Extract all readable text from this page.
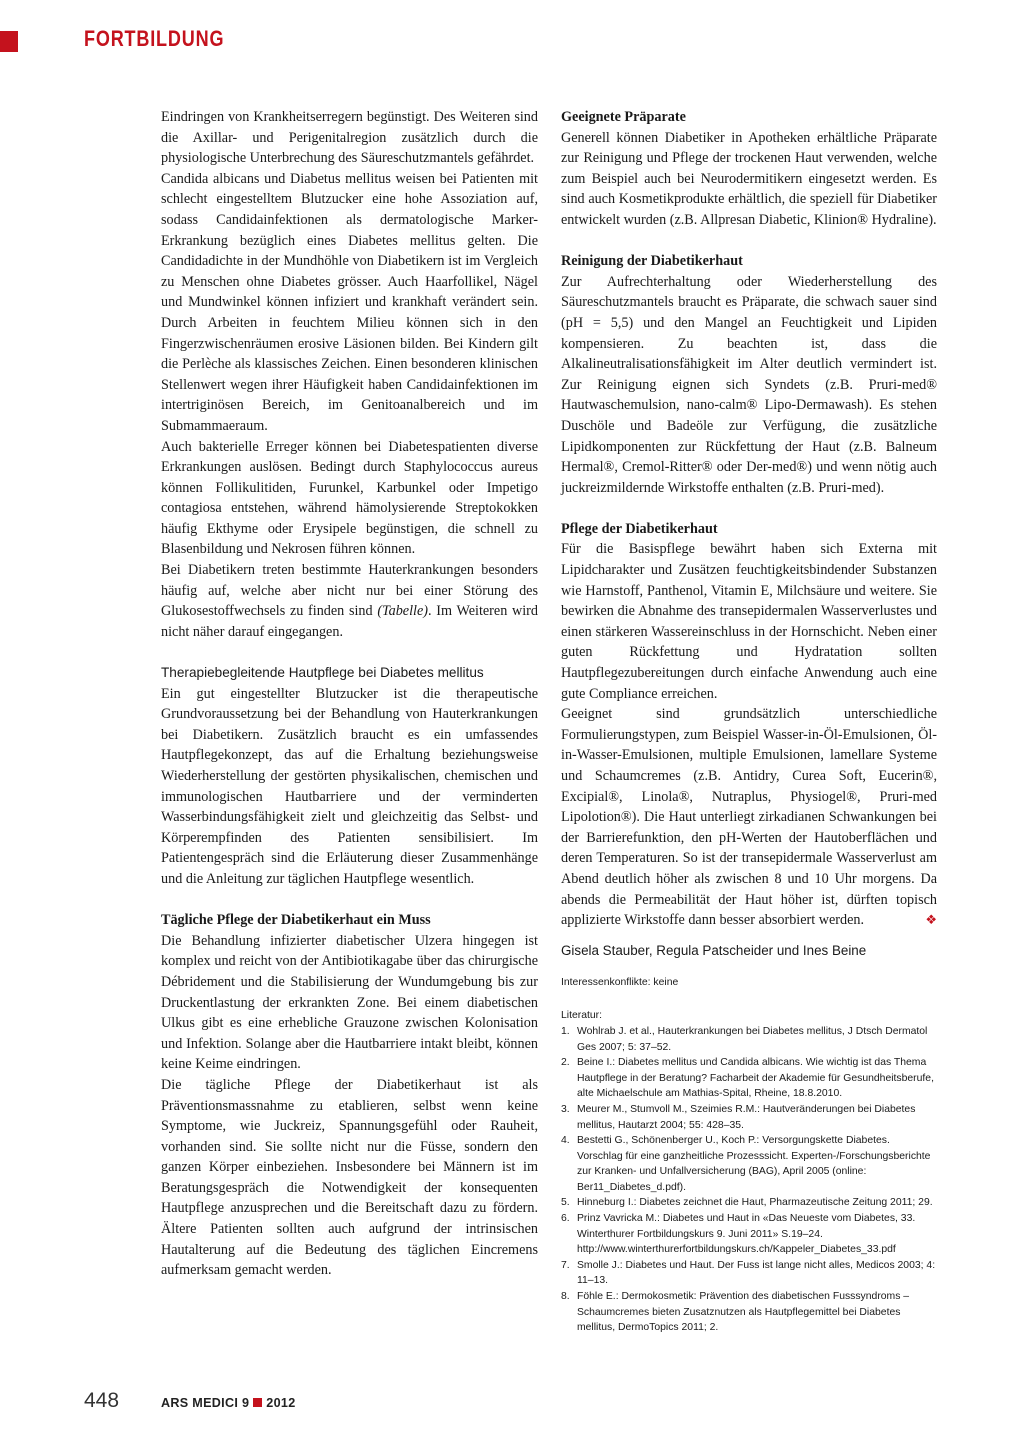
FORTBILDUNG

Eindringen von Krankheitserregern begünstigt. Des Weiteren sind die Axillar- und Perigenitalregion zusätzlich durch die physiologische Unterbrechung des Säureschutzmantels gefährdet.

Candida albicans und Diabetus mellitus weisen bei Patienten mit schlecht eingestelltem Blutzucker eine hohe Assoziation auf, sodass Candidainfektionen als dermatologische Marker-Erkrankung bezüglich eines Diabetes mellitus gelten. Die Candidadichte in der Mundhöhle von Diabetikern ist im Vergleich zu Menschen ohne Diabetes grösser. Auch Haarfollikel, Nägel und Mundwinkel können infiziert und krankhaft verändert sein. Durch Arbeiten in feuchtem Milieu können sich in den Fingerzwischenräumen erosive Läsionen bilden. Bei Kindern gilt die Perlèche als klassisches Zeichen. Einen besonderen klinischen Stellenwert wegen ihrer Häufigkeit haben Candidainfektionen im intertriginösen Bereich, im Genitoanalbereich und im Submammaeraum.

Auch bakterielle Erreger können bei Diabetespatienten diverse Erkrankungen auslösen. Bedingt durch Staphylococcus aureus können Follikulitiden, Furunkel, Karbunkel oder Impetigo contagiosa entstehen, während hämolysierende Streptokokken häufig Ekthyme oder Erysipele begünstigen, die schnell zu Blasenbildung und Nekrosen führen können.

Bei Diabetikern treten bestimmte Hauterkrankungen besonders häufig auf, welche aber nicht nur bei einer Störung des Glukosestoffwechsels zu finden sind (Tabelle). Im Weiteren wird nicht näher darauf eingegangen.

Therapiebegleitende Hautpflege bei Diabetes mellitus

Ein gut eingestellter Blutzucker ist die therapeutische Grundvoraussetzung bei der Behandlung von Hauterkrankungen bei Diabetikern. Zusätzlich braucht es ein umfassendes Hautpflegekonzept, das auf die Erhaltung beziehungsweise Wiederherstellung der gestörten physikalischen, chemischen und immunologischen Hautbarriere und der verminderten Wasserbindungsfähigkeit zielt und gleichzeitig das Selbst- und Körperempfinden des Patienten sensibilisiert. Im Patientengespräch sind die Erläuterung dieser Zusammenhänge und die Anleitung zur täglichen Hautpflege wesentlich.

Tägliche Pflege der Diabetikerhaut ein Muss

Die Behandlung infizierter diabetischer Ulzera hingegen ist komplex und reicht von der Antibiotikagabe über das chirurgische Débridement und die Stabilisierung der Wundumgebung bis zur Druckentlastung der erkrankten Zone. Bei einem diabetischen Ulkus gibt es eine erhebliche Grauzone zwischen Kolonisation und Infektion. Solange aber die Hautbarriere intakt bleibt, können keine Keime eindringen.

Die tägliche Pflege der Diabetikerhaut ist als Präventionsmassnahme zu etablieren, selbst wenn keine Symptome, wie Juckreiz, Spannungsgefühl oder Rauheit, vorhanden sind. Sie sollte nicht nur die Füsse, sondern den ganzen Körper einbeziehen. Insbesondere bei Männern ist im Beratungsgespräch die Notwendigkeit der konsequenten Hautpflege anzusprechen und die Bereitschaft dazu zu fördern. Ältere Patienten sollten auch aufgrund der intrinsischen Hautalterung auf die Bedeutung des täglichen Eincremens aufmerksam gemacht werden.

Geeignete Präparate

Generell können Diabetiker in Apotheken erhältliche Präparate zur Reinigung und Pflege der trockenen Haut verwenden, welche zum Beispiel auch bei Neurodermitikern eingesetzt werden. Es sind auch Kosmetikprodukte erhältlich, die speziell für Diabetiker entwickelt wurden (z.B. Allpresan Diabetic, Klinion® Hydraline).

Reinigung der Diabetikerhaut

Zur Aufrechterhaltung oder Wiederherstellung des Säureschutzmantels braucht es Präparate, die schwach sauer sind (pH = 5,5) und den Mangel an Feuchtigkeit und Lipiden kompensieren. Zu beachten ist, dass die Alkalineutralisationsfähigkeit im Alter deutlich vermindert ist. Zur Reinigung eignen sich Syndets (z.B. Pruri-med® Hautwaschemulsion, nano-calm® Lipo-Dermawash). Es stehen Duschöle und Badeöle zur Verfügung, die zusätzliche Lipidkomponenten zur Rückfettung der Haut (z.B. Balneum Hermal®, Cremol-Ritter® oder Der-med®) und wenn nötig auch juckreizmildernde Wirkstoffe enthalten (z.B. Pruri-med).

Pflege der Diabetikerhaut

Für die Basispflege bewährt haben sich Externa mit Lipidcharakter und Zusätzen feuchtigkeitsbindender Substanzen wie Harnstoff, Panthenol, Vitamin E, Milchsäure und weitere. Sie bewirken die Abnahme des transepidermalen Wasserverlustes und einen stärkeren Wassereinschluss in der Hornschicht. Neben einer guten Rückfettung und Hydratation sollten Hautpflegezubereitungen durch einfache Anwendung auch eine gute Compliance erreichen.

Geeignet sind grundsätzlich unterschiedliche Formulierungstypen, zum Beispiel Wasser-in-Öl-Emulsionen, Öl-in-Wasser-Emulsionen, multiple Emulsionen, lamellare Systeme und Schaumcremes (z.B. Antidry, Curea Soft, Eucerin®, Excipial®, Linola®, Nutraplus, Physiogel®, Pruri-med Lipolotion®). Die Haut unterliegt zirkadianen Schwankungen bei der Barrierefunktion, den pH-Werten der Hautoberflächen und deren Temperaturen. So ist der transepidermale Wasserverlust am Abend deutlich höher als zwischen 8 und 10 Uhr morgens. Da abends die Permeabilität der Haut höher ist, dürften topisch applizierte Wirkstoffe dann besser absorbiert werden.	❖

Gisela Stauber, Regula Patscheider und Ines Beine
Interessenkonflikte: keine
Literatur:
1. Wohlrab J. et al., Hauterkrankungen bei Diabetes mellitus, J Dtsch Dermatol Ges 2007; 5: 37–52.
2. Beine I.: Diabetes mellitus und Candida albicans. Wie wichtig ist das Thema Hautpflege in der Beratung? Facharbeit der Akademie für Gesundheitsberufe, alte Michaelschule am Mathias-Spital, Rheine, 18.8.2010.
3. Meurer M., Stumvoll M., Szeimies R.M.: Hautveränderungen bei Diabetes mellitus, Hautarzt 2004; 55: 428–35.
4. Bestetti G., Schönenberger U., Koch P.: Versorgungskette Diabetes. Vorschlag für eine ganzheitliche Prozesssicht. Experten-/Forschungsberichte zur Kranken- und Unfallversicherung (BAG), April 2005 (online: Ber11_Diabetes_d.pdf).
5. Hinneburg I.: Diabetes zeichnet die Haut, Pharmazeutische Zeitung 2011; 29.
6. Prinz Vavricka M.: Diabetes und Haut in «Das Neueste vom Diabetes, 33. Winterthurer Fortbildungskurs 9. Juni 2011» S.19–24. http://www.winterthurerfortbildungskurs.ch/Kappeler_Diabetes_33.pdf
7. Smolle J.: Diabetes und Haut. Der Fuss ist lange nicht alles, Medicos 2003; 4: 11–13.
8. Föhle E.: Dermokosmetik: Prävention des diabetischen Fusssyndroms – Schaumcremes bieten Zusatznutzen als Hautpflegemittel bei Diabetes mellitus, DermoTopics 2011; 2.
448	ARS MEDICI 9 2012
